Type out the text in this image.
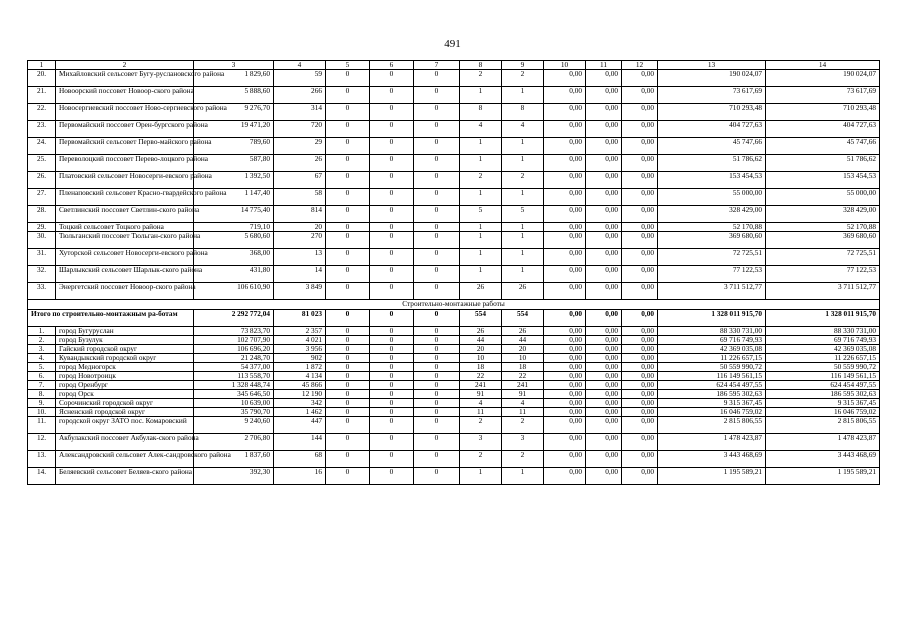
491
1	2	3	4	5	6	7	8	9	10	11	12	13	14
20.	Михайловский сельсовет Бугу-руслановского района	1 829,60	59	0	0	0	2	2	0,00	0,00	0,00	190 024,07	190 024,07
21.	Новоорский поссовет Новоор-ского района	5 888,60	266	0	0	0	1	1	0,00	0,00	0,00	73 617,69	73 617,69
22.	Новосергиевский поссовет Ново-сергиевского района	9 276,70	314	0	0	0	8	8	0,00	0,00	0,00	710 293,48	710 293,48
23.	Первомайский поссовет Орен-бургского района	19 471,20	720	0	0	0	4	4	0,00	0,00	0,00	404 727,63	404 727,63
24.	Первомайский сельсовет Перво-майского района	789,60	29	0	0	0	1	1	0,00	0,00	0,00	45 747,66	45 747,66
25.	Переволоцкий поссовет Перево-лоцкого района	587,80	26	0	0	0	1	1	0,00	0,00	0,00	51 786,62	51 786,62
26.	Платовский сельсовет Новосерги-евского района	1 392,50	67	0	0	0	2	2	0,00	0,00	0,00	153 454,53	153 454,53
27.	Пленаповский сельсовет Красно-гвардейского района	1 147,40	58	0	0	0	1	1	0,00	0,00	0,00	55 000,00	55 000,00
28.	Светлинский поссовет Светлин-ского района	14 775,40	814	0	0	0	5	5	0,00	0,00	0,00	328 429,00	328 429,00
29.	Тоцкий сельсовет Тоцкого района	719,10	20	0	0	0	1	1	0,00	0,00	0,00	52 170,88	52 170,88
30.	Тюльганский поссовет Тюльган-ского района	5 680,60	270	0	0	0	1	1	0,00	0,00	0,00	369 680,60	369 680,60
31.	Хуторской сельсовет Новосерги-евского района	368,00	13	0	0	0	1	1	0,00	0,00	0,00	72 725,51	72 725,51
32.	Шарлыкский сельсовет Шарлык-ского района	431,80	14	0	0	0	1	1	0,00	0,00	0,00	77 122,53	77 122,53
33.	Энергетский поссовет Новоор-ского района	106 610,90	3 849	0	0	0	26	26	0,00	0,00	0,00	3 711 512,77	3 711 512,77
Строительно-монтажные работы													
Итого по строительно-монтажным ра-ботам		2 292 772,04	81 023	0	0	0	554	554	0,00	0,00	0,00	1 328 011 915,70	1 328 011 915,70
1.	город Бугуруслан	73 823,70	2 357	0	0	0	26	26	0,00	0,00	0,00	88 330 731,00	88 330 731,00
2.	город Бузулук	102 707,90	4 021	0	0	0	44	44	0,00	0,00	0,00	69 716 749,93	69 716 749,93
3.	Гайский городской округ	106 696,20	3 956	0	0	0	20	20	0,00	0,00	0,00	42 369 035,08	42 369 035,08
4.	Кувандыкский городской округ	21 248,70	902	0	0	0	10	10	0,00	0,00	0,00	11 226 657,15	11 226 657,15
5.	город Медногорск	54 377,00	1 872	0	0	0	18	18	0,00	0,00	0,00	50 559 990,72	50 559 990,72
6.	город Новотроицк	113 558,70	4 134	0	0	0	22	22	0,00	0,00	0,00	116 149 561,15	116 149 561,15
7.	город Оренбург	1 328 448,74	45 866	0	0	0	241	241	0,00	0,00	0,00	624 454 497,55	624 454 497,55
8.	город Орск	345 646,50	12 190	0	0	0	91	91	0,00	0,00	0,00	186 595 302,63	186 595 302,63
9.	Сорочинский городской округ	10 639,00	342	0	0	0	4	4	0,00	0,00	0,00	9 315 367,45	9 315 367,45
10.	Ясненский городской округ	35 790,70	1 462	0	0	0	11	11	0,00	0,00	0,00	16 046 759,02	16 046 759,02
11.	городской округ ЗАТО пос. Комаровский	9 240,60	447	0	0	0	2	2	0,00	0,00	0,00	2 815 806,55	2 815 806,55
12.	Акбулакский поссовет Акбулак-ского района	2 706,80	144	0	0	0	3	3	0,00	0,00	0,00	1 478 423,87	1 478 423,87
13.	Александровский сельсовет Алек-сандровского района	1 837,60	68	0	0	0	2	2	0,00	0,00	0,00	3 443 468,69	3 443 468,69
14.	Беляевский сельсовет Беляев-ского района	392,30	16	0	0	0	1	1	0,00	0,00	0,00	1 195 589,21	1 195 589,21
